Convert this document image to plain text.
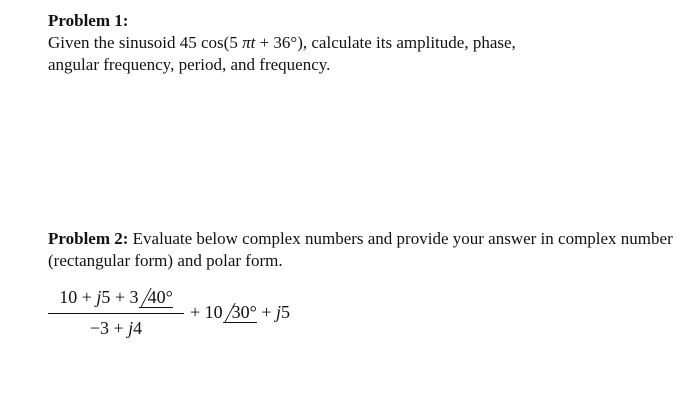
Problem 1:
Given the sinusoid 45 cos(5 πt + 36°), calculate its amplitude, phase,
angular frequency, period, and frequency.
Problem 2: Evaluate below complex numbers and provide your answer in complex number
(rectangular form) and polar form.
10 + j5 + 3 40°
−3 + j4
+ 10 30° + j5
